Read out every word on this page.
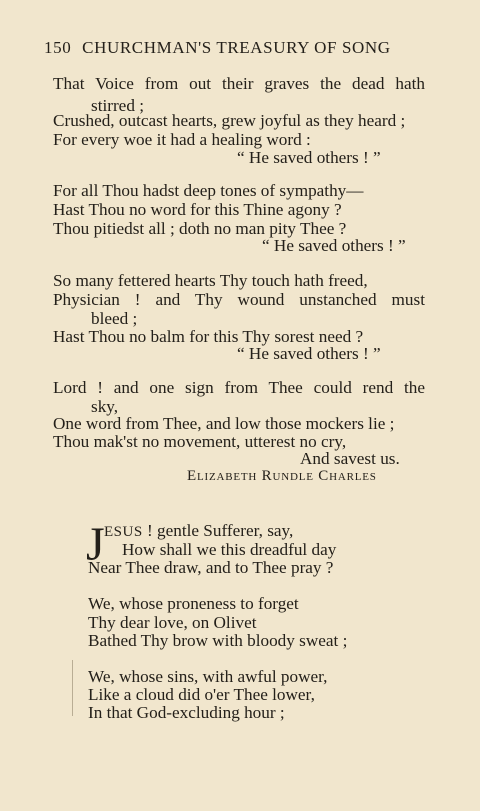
150 CHURCHMAN'S TREASURY OF SONG
That Voice from out their graves the dead hath
stirred ;
Crushed, outcast hearts, grew joyful as they heard ;
For every woe it had a healing word :
“ He saved others ! ”
For all Thou hadst deep tones of sympathy—
Hast Thou no word for this Thine agony ?
Thou pitiedst all ; doth no man pity Thee ?
“ He saved others ! ”
So many fettered hearts Thy touch hath freed,
Physician ! and Thy wound unstanched must
bleed ;
Hast Thou no balm for this Thy sorest need ?
“ He saved others ! ”
Lord ! and one sign from Thee could rend the
sky,
One word from Thee, and low those mockers lie ;
Thou mak'st no movement, utterest no cry,
And savest us.
Elizabeth Rundle Charles
J ESUS ! gentle Sufferer, say,
How shall we this dreadful day
Near Thee draw, and to Thee pray ?
We, whose proneness to forget
Thy dear love, on Olivet
Bathed Thy brow with bloody sweat ;
We, whose sins, with awful power,
Like a cloud did o'er Thee lower,
In that God-excluding hour ;
